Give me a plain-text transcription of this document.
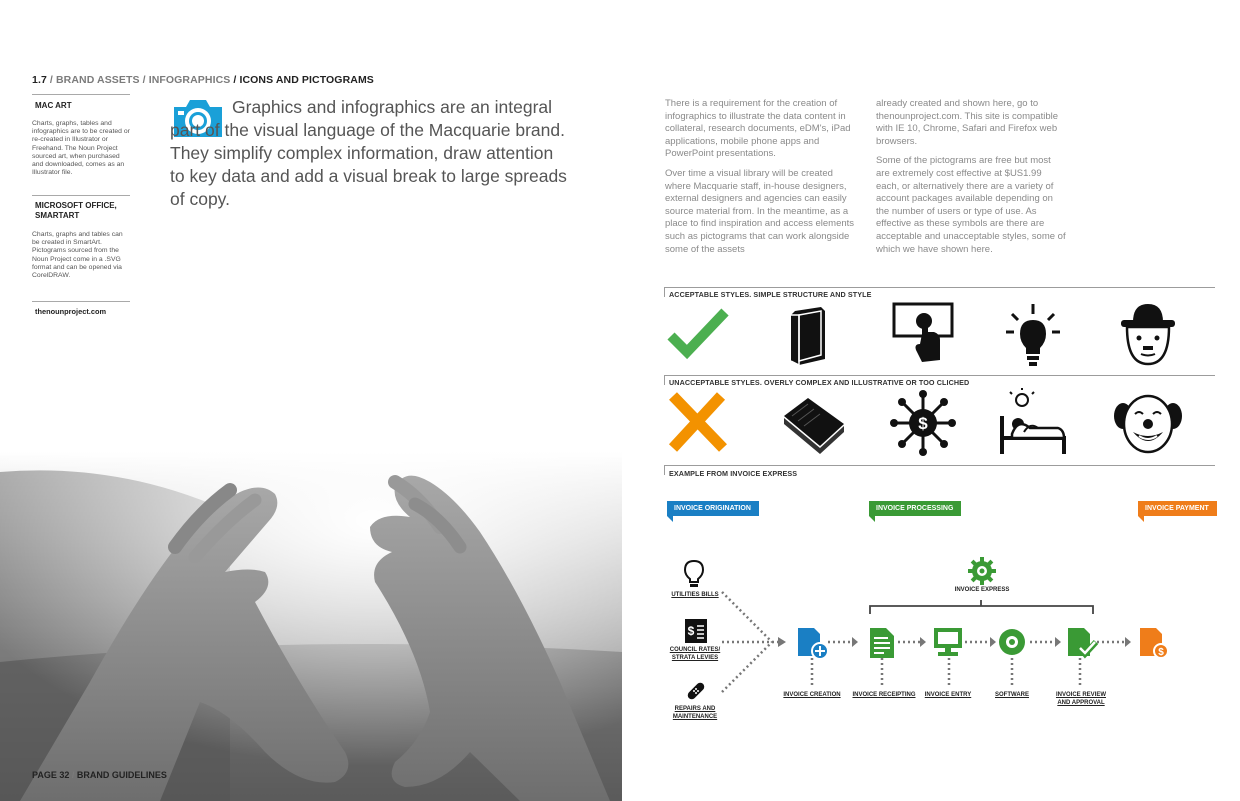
1.7 / BRAND ASSETS / INFOGRAPHICS / ICONS AND PICTOGRAMS
MAC ART
Charts, graphs, tables and infographics are to be created or re-created in Illustrator or Freehand. The Noun Project sourced art, when purchased and downloaded, comes as an Illustrator file.
MICROSOFT OFFICE, SMARTART
Charts, graphs and tables can be created in SmartArt. Pictograms sourced from the Noun Project come in a .SVG format and can be opened via CorelDRAW.
thenounproject.com
Graphics and infographics are an integral part of the visual language of the Macquarie brand. They simplify complex information, draw attention to key data and add a visual break to large spreads of copy.
PAGE 32 / BRAND GUIDELINES

There is a requirement for the creation of infographics to illustrate the data content in collateral, research documents, eDM's, iPad applications, mobile phone apps and PowerPoint presentations.

Over time a visual library will be created where Macquarie staff, in-house designers, external designers and agencies can easily source material from. In the meantime, as a place to find inspiration and access elements such as pictograms that can work alongside some of the assets

already created and shown here, go to thenounproject.com. This site is compatible with IE 10, Chrome, Safari and Firefox web browsers.

Some of the pictograms are free but most are extremely cost effective at $US1.99 each, or alternatively there are a variety of account packages available depending on the number of users or type of use. As effective as these symbols are there are acceptable and unacceptable styles, some of which we have shown here.

ACCEPTABLE STYLES. SIMPLE STRUCTURE AND STYLE
UNACCEPTABLE STYLES. OVERLY COMPLEX AND ILLUSTRATIVE OR TOO CLICHED
$
EXAMPLE FROM INVOICE EXPRESS
INVOICE ORIGINATION	INVOICE PROCESSING	INVOICE PAYMENT
UTILITIES BILLS
$
COUNCIL RATES/
STRATA LEVIES
REPAIRS AND
MAINTENANCE
INVOICE CREATION	INVOICE RECEIPTING	INVOICE ENTRY	SOFTWARE	INVOICE REVIEW
AND APPROVAL
$
INVOICE EXPRESS
